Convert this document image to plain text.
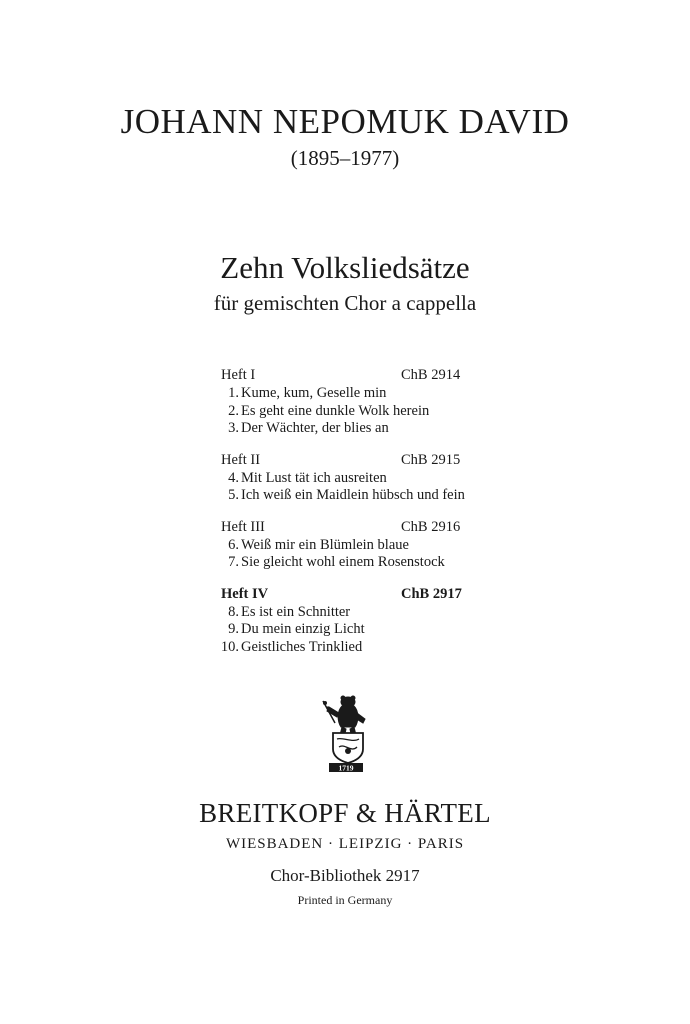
JOHANN NEPOMUK DAVID
(1895–1977)
Zehn Volksliedsätze
für gemischten Chor a cappella
Heft I	ChB 2914
1. Kume, kum, Geselle min
2. Es geht eine dunkle Wolk herein
3. Der Wächter, der blies an
Heft II	ChB 2915
4. Mit Lust tät ich ausreiten
5. Ich weiß ein Maidlein hübsch und fein
Heft III	ChB 2916
6. Weiß mir ein Blümlein blaue
7. Sie gleicht wohl einem Rosenstock
Heft IV	ChB 2917
8. Es ist ein Schnitter
9. Du mein einzig Licht
10. Geistliches Trinklied
1719
BREITKOPF & HÄRTEL
WIESBADEN · LEIPZIG · PARIS
Chor-Bibliothek 2917
Printed in Germany
